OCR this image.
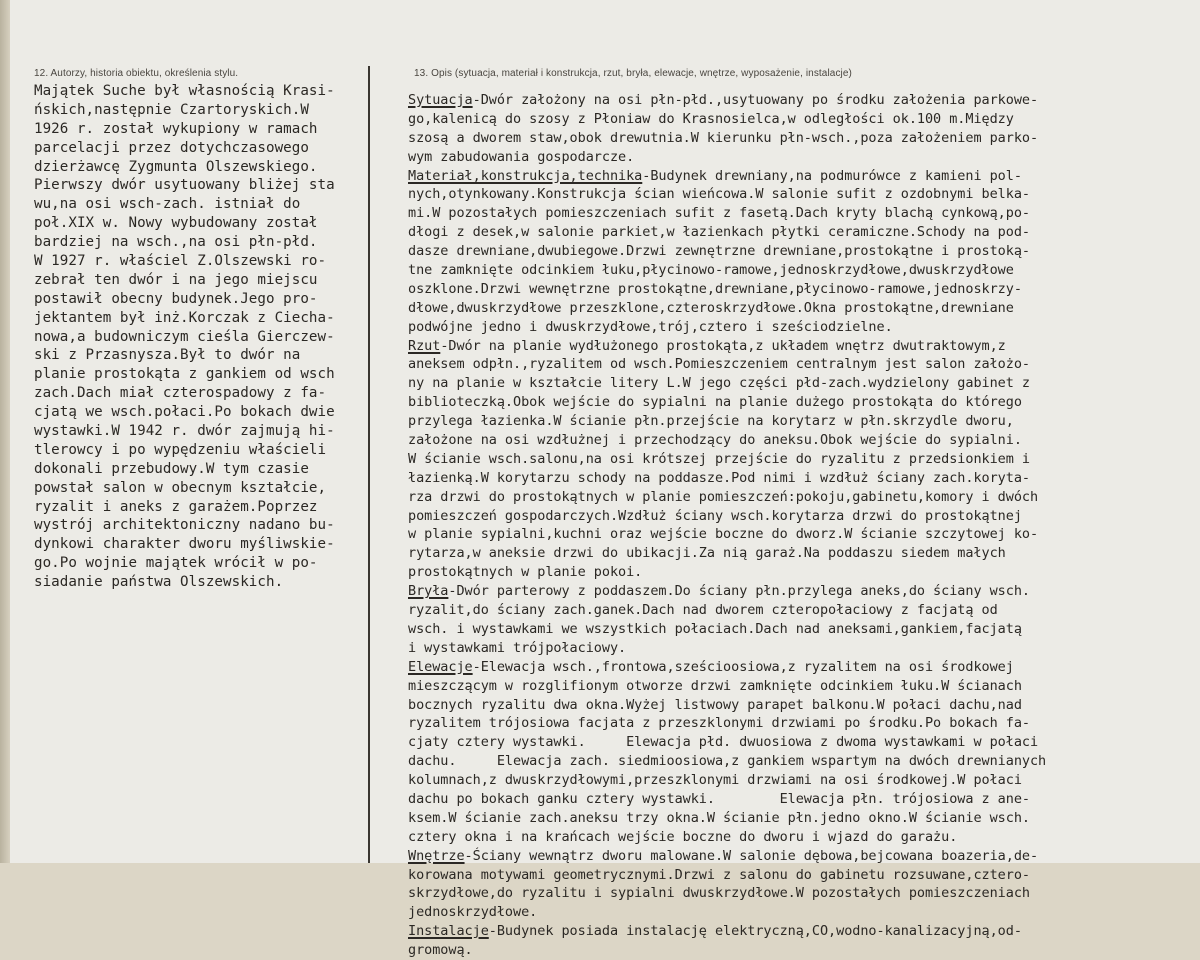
12. Autorzy, historia obiektu, określenia stylu.	13. Opis (sytuacja, materiał i konstrukcja, rzut, bryła, elewacje, wnętrze, wyposażenie, instalacje)
Majątek Suche był własnością Krasi-
ńskich,następnie Czartoryskich.W
1926 r. został wykupiony w ramach
parcelacji przez dotychczasowego
dzierżawcę Zygmunta Olszewskiego.
Pierwszy dwór usytuowany bliżej sta
wu,na osi wsch-zach. istniał do
poł.XIX w. Nowy wybudowany został
bardziej na wsch.,na osi płn-płd.
W 1927 r. właściel Z.Olszewski ro-
zebrał ten dwór i na jego miejscu
postawił obecny budynek.Jego pro-
jektantem był inż.Korczak z Ciecha-
nowa,a budowniczym cieśla Gierczew-
ski z Przasnysza.Był to dwór na
planie prostokąta z gankiem od wsch
zach.Dach miał czterospadowy z fa-
cjatą we wsch.połaci.Po bokach dwie
wystawki.W 1942 r. dwór zajmują hi-
tlerowcy i po wypędzeniu właścieli
dokonali przebudowy.W tym czasie
powstał salon w obecnym kształcie,
ryzalit i aneks z garażem.Poprzez
wystrój architektoniczny nadano bu-
dynkowi charakter dworu myśliwskie-
go.Po wojnie majątek wrócił w po-
siadanie państwa Olszewskich.
Sytuacja-Dwór założony na osi płn-płd.,usytuowany po środku założenia parkowe-
go,kalenicą do szosy z Płoniaw do Krasnosielca,w odległości ok.100 m.Między
szosą a dworem staw,obok drewutnia.W kierunku płn-wsch.,poza założeniem parko-
wym zabudowania gospodarcze.
Materiał,konstrukcja,technika-Budynek drewniany,na podmurówce z kamieni pol-
nych,otynkowany.Konstrukcja ścian wieńcowa.W salonie sufit z ozdobnymi belka-
mi.W pozostałych pomieszczeniach sufit z fasetą.Dach kryty blachą cynkową,po-
dłogi z desek,w salonie parkiet,w łazienkach płytki ceramiczne.Schody na pod-
dasze drewniane,dwubiegowe.Drzwi zewnętrzne drewniane,prostokątne i prostoką-
tne zamknięte odcinkiem łuku,płycinowo-ramowe,jednoskrzydłowe,dwuskrzydłowe
oszklone.Drzwi wewnętrzne prostokątne,drewniane,płycinowo-ramowe,jednoskrzy-
dłowe,dwuskrzydłowe przeszklone,czteroskrzydłowe.Okna prostokątne,drewniane
podwójne jedno i dwuskrzydłowe,trój,cztero i sześciodzielne.
Rzut-Dwór na planie wydłużonego prostokąta,z układem wnętrz dwutraktowym,z
aneksem odpłn.,ryzalitem od wsch.Pomieszczeniem centralnym jest salon założo-
ny na planie w kształcie litery L.W jego części płd-zach.wydzielony gabinet z
biblioteczką.Obok wejście do sypialni na planie dużego prostokąta do którego
przylega łazienka.W ścianie płn.przejście na korytarz w płn.skrzydle dworu,
założone na osi wzdłużnej i przechodzący do aneksu.Obok wejście do sypialni.
W ścianie wsch.salonu,na osi krótszej przejście do ryzalitu z przedsionkiem i
łazienką.W korytarzu schody na poddasze.Pod nimi i wzdłuż ściany zach.koryta-
rza drzwi do prostokątnych w planie pomieszczeń:pokoju,gabinetu,komory i dwóch
pomieszczeń gospodarczych.Wzdłuż ściany wsch.korytarza drzwi do prostokątnej
w planie sypialni,kuchni oraz wejście boczne do dworz.W ścianie szczytowej ko-
rytarza,w aneksie drzwi do ubikacji.Za nią garaż.Na poddaszu siedem małych
prostokątnych w planie pokoi.
Bryła-Dwór parterowy z poddaszem.Do ściany płn.przylega aneks,do ściany wsch.
ryzalit,do ściany zach.ganek.Dach nad dworem czteropołaciowy z facjatą od
wsch. i wystawkami we wszystkich połaciach.Dach nad aneksami,gankiem,facjatą
i wystawkami trójpołaciowy.
Elewacje-Elewacja wsch.,frontowa,sześcioosiowa,z ryzalitem na osi środkowej
mieszczącym w rozglifionym otworze drzwi zamknięte odcinkiem łuku.W ścianach
bocznych ryzalitu dwa okna.Wyżej listwowy parapet balkonu.W połaci dachu,nad
ryzalitem trójosiowa facjata z przeszklonymi drzwiami po środku.Po bokach fa-
cjaty cztery wystawki.     Elewacja płd. dwuosiowa z dwoma wystawkami w połaci
dachu.     Elewacja zach. siedmioosiowa,z gankiem wspartym na dwóch drewnianych
kolumnach,z dwuskrzydłowymi,przeszklonymi drzwiami na osi środkowej.W połaci
dachu po bokach ganku cztery wystawki.        Elewacja płn. trójosiowa z ane-
ksem.W ścianie zach.aneksu trzy okna.W ścianie płn.jedno okno.W ścianie wsch.
cztery okna i na krańcach wejście boczne do dworu i wjazd do garażu.
Wnętrze-Ściany wewnątrz dworu malowane.W salonie dębowa,bejcowana boazeria,de-
korowana motywami geometrycznymi.Drzwi z salonu do gabinetu rozsuwane,cztero-
skrzydłowe,do ryzalitu i sypialni dwuskrzydłowe.W pozostałych pomieszczeniach
jednoskrzydłowe.
Instalacje-Budynek posiada instalację elektryczną,CO,wodno-kanalizacyjną,od-
gromową.
